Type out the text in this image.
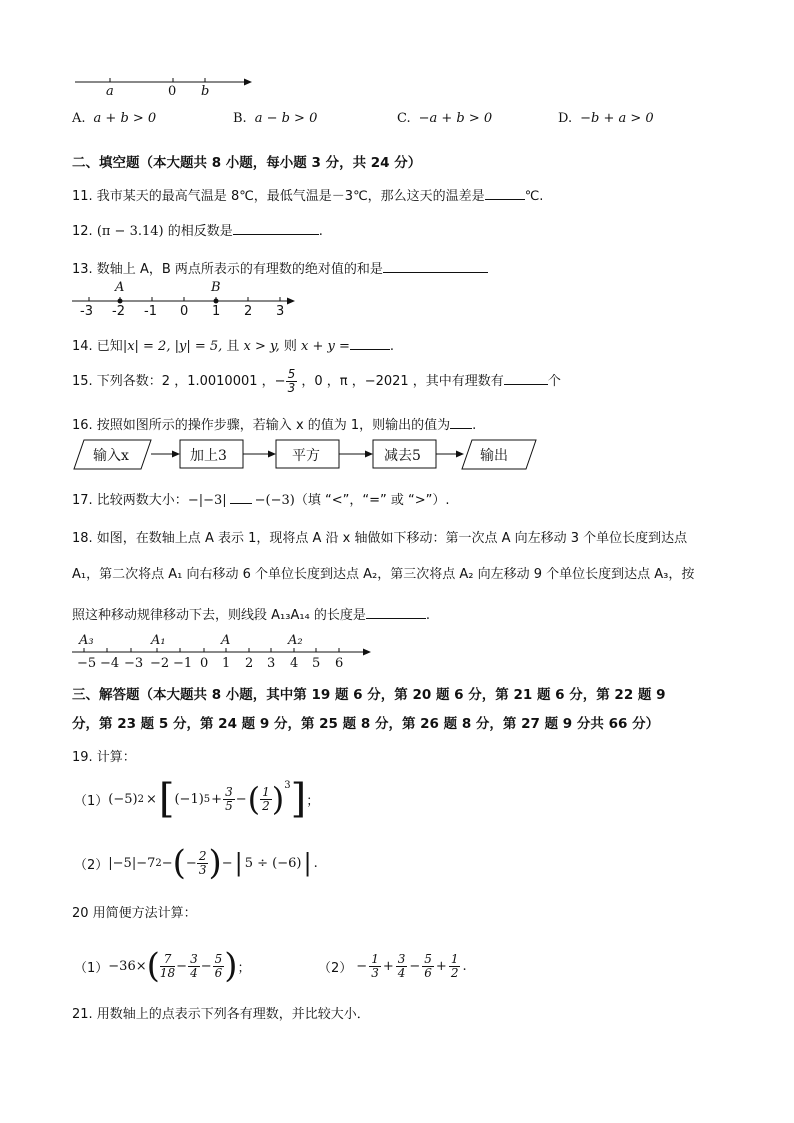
a	0 b
A. a + b > 0	B. a − b > 0	C. −a + b > 0	D. −b + a > 0
二、填空题（本大题共 8 小题，每小题 3 分，共 24 分）
11. 我市某天的最高气温是 8℃，最低气温是－3℃，那么这天的温差是	℃.
12. (π − 3.14) 的相反数是	.
13. 数轴上 A，B 两点所表示的有理数的绝对值的和是
A	B
-3 -2 -1 0 1 2 3
14. 已知|x| = 2, |y| = 5, 且 x > y, 则 x + y =	.
15. 下列各数：2 ，1.0010001 ，− $\frac{5}{3}$ ，0 ，π ，−2021 ，其中有理数有	个
16. 按照如图所示的操作步骤，若输入 x 的值为 1，则输出的值为 .
输入x	加上3	平方	减去5	输出
17. 比较两数大小：−|−3| −(−3)（填 “<”，“=” 或 “>”）.
18. 如图，在数轴上点 A 表示 1，现将点 A 沿 x 轴做如下移动：第一次点 A 向左移动 3 个单位长度到达点
A₁，第二次将点 A₁ 向右移动 6 个单位长度到达点 A₂，第三次将点 A₂ 向左移动 9 个单位长度到达点 A₃，按
照这种移动规律移动下去，则线段 A₁₃A₁₄ 的长度是	.
A₃	A₁	A	A₂
−5 −4 −3 −2 −1 0 1 2 3 4 5 6
三、解答题（本大题共 8 小题，其中第 19 题 6 分，第 20 题 6 分，第 21 题 6 分，第 22 题 9
分，第 23 题 5 分，第 24 题 9 分，第 25 题 8 分，第 26 题 8 分，第 27 题 9 分共 66 分）
19. 计算：
（1） (−5) 2 × [ (−1) $5 + \frac{3}{5}$ − ( $\frac{1}{2} )^3$ ] ；
（2） |−5|−7 2 − ( − $\frac{2}{3}$ ) − | 5 ÷ (−6) | .
20 用简便方法计算：
（1） −36× ( $\frac{7}{18} - \frac{3}{4} - \frac{5}{6}$ ) ；	$(2) - \frac{1}{3} + \frac{3}{4} - \frac{5}{6} + \frac{1}{2}$ .
21. 用数轴上的点表示下列各有理数，并比较大小．
